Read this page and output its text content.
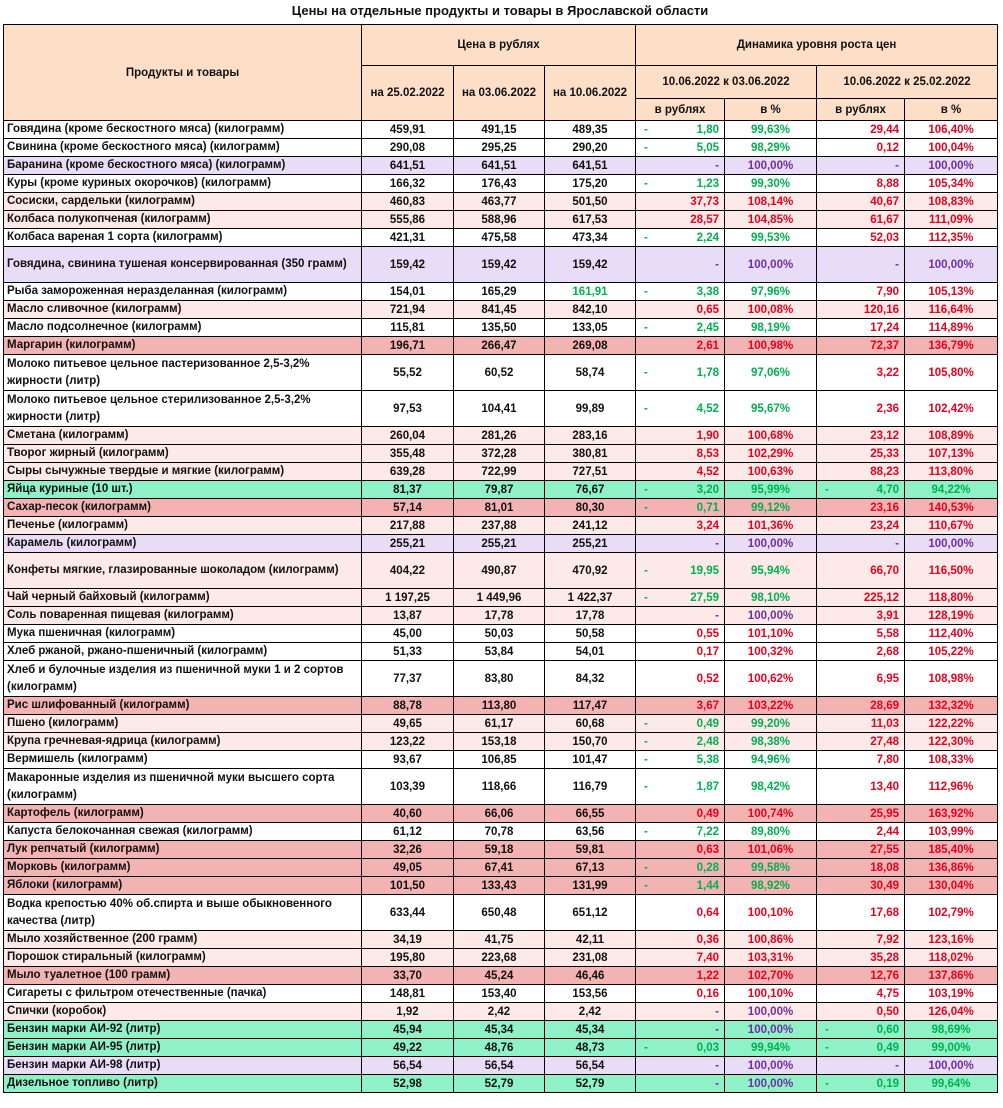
Цены на отдельные продукты и товары в Ярославской области
Продукты и товары	Цена в рублях			Динамика уровня роста цен			
	на 25.02.2022	на 03.06.2022	на 10.06.2022	10.06.2022 к 03.06.2022		10.06.2022 к 25.02.2022	
				в рублях	в %	в рублях	в %
Говядина (кроме бескостного мяса) (килограмм)	459,91	491,15	489,35	- 1,80	99,63%	29,44	106,40%
Свинина (кроме бескостного мяса) (килограмм)	290,08	295,25	290,20	- 5,05	98,29%	0,12	100,04%
Баранина (кроме бескостного мяса) (килограмм)	641,51	641,51	641,51	-	100,00%	-	100,00%
Куры (кроме куриных окорочков) (килограмм)	166,32	176,43	175,20	- 1,23	99,30%	8,88	105,34%
Сосиски, сардельки (килограмм)	460,83	463,77	501,50	37,73	108,14%	40,67	108,83%
Колбаса полукопченая (килограмм)	555,86	588,96	617,53	28,57	104,85%	61,67	111,09%
Колбаса вареная 1 сорта (килограмм)	421,31	475,58	473,34	- 2,24	99,53%	52,03	112,35%
Говядина, свинина тушеная консервированная (350 грамм)	159,42	159,42	159,42	-	100,00%	-	100,00%
Рыба замороженная неразделанная (килограмм)	154,01	165,29	161,91	- 3,38	97,96%	7,90	105,13%
Масло сливочное (килограмм)	721,94	841,45	842,10	0,65	100,08%	120,16	116,64%
Масло подсолнечное (килограмм)	115,81	135,50	133,05	- 2,45	98,19%	17,24	114,89%
Маргарин (килограмм)	196,71	266,47	269,08	2,61	100,98%	72,37	136,79%
Молоко питьевое цельное пастеризованное 2,5-3,2% жирности (литр)	55,52	60,52	58,74	- 1,78	97,06%	3,22	105,80%
Молоко питьевое цельное стерилизованное 2,5-3,2% жирности (литр)	97,53	104,41	99,89	- 4,52	95,67%	2,36	102,42%
Сметана (килограмм)	260,04	281,26	283,16	1,90	100,68%	23,12	108,89%
Творог жирный (килограмм)	355,48	372,28	380,81	8,53	102,29%	25,33	107,13%
Сыры сычужные твердые и мягкие (килограмм)	639,28	722,99	727,51	4,52	100,63%	88,23	113,80%
Яйца куриные (10 шт.)	81,37	79,87	76,67	- 3,20	95,99%	- 4,70	94,22%
Сахар-песок (килограмм)	57,14	81,01	80,30	- 0,71	99,12%	23,16	140,53%
Печенье (килограмм)	217,88	237,88	241,12	3,24	101,36%	23,24	110,67%
Карамель (килограмм)	255,21	255,21	255,21	-	100,00%	-	100,00%
Конфеты мягкие, глазированные шоколадом (килограмм)	404,22	490,87	470,92	- 19,95	95,94%	66,70	116,50%
Чай черный байховый (килограмм)	1 197,25	1 449,96	1 422,37	- 27,59	98,10%	225,12	118,80%
Соль поваренная пищевая (килограмм)	13,87	17,78	17,78	-	100,00%	3,91	128,19%
Мука пшеничная (килограмм)	45,00	50,03	50,58	0,55	101,10%	5,58	112,40%
Хлеб ржаной, ржано-пшеничный (килограмм)	51,33	53,84	54,01	0,17	100,32%	2,68	105,22%
Хлеб и булочные изделия из пшеничной муки 1 и 2 сортов (килограмм)	77,37	83,80	84,32	0,52	100,62%	6,95	108,98%
Рис шлифованный (килограмм)	88,78	113,80	117,47	3,67	103,22%	28,69	132,32%
Пшено (килограмм)	49,65	61,17	60,68	- 0,49	99,20%	11,03	122,22%
Крупа гречневая-ядрица (килограмм)	123,22	153,18	150,70	- 2,48	98,38%	27,48	122,30%
Вермишель (килограмм)	93,67	106,85	101,47	- 5,38	94,96%	7,80	108,33%
Макаронные изделия из пшеничной муки высшего сорта (килограмм)	103,39	118,66	116,79	- 1,87	98,42%	13,40	112,96%
Картофель (килограмм)	40,60	66,06	66,55	0,49	100,74%	25,95	163,92%
Капуста белокочанная свежая (килограмм)	61,12	70,78	63,56	- 7,22	89,80%	2,44	103,99%
Лук репчатый (килограмм)	32,26	59,18	59,81	0,63	101,06%	27,55	185,40%
Морковь (килограмм)	49,05	67,41	67,13	- 0,28	99,58%	18,08	136,86%
Яблоки (килограмм)	101,50	133,43	131,99	- 1,44	98,92%	30,49	130,04%
Водка крепостью 40% об.спирта и выше обыкновенного качества (литр)	633,44	650,48	651,12	0,64	100,10%	17,68	102,79%
Мыло хозяйственное (200 грамм)	34,19	41,75	42,11	0,36	100,86%	7,92	123,16%
Порошок стиральный (килограмм)	195,80	223,68	231,08	7,40	103,31%	35,28	118,02%
Мыло туалетное (100 грамм)	33,70	45,24	46,46	1,22	102,70%	12,76	137,86%
Сигареты с фильтром отечественные (пачка)	148,81	153,40	153,56	0,16	100,10%	4,75	103,19%
Спички (коробок)	1,92	2,42	2,42	-	100,00%	0,50	126,04%
Бензин марки АИ-92 (литр)	45,94	45,34	45,34	-	100,00%	- 0,60	98,69%
Бензин марки АИ-95 (литр)	49,22	48,76	48,73	- 0,03	99,94%	- 0,49	99,00%
Бензин марки АИ-98 (литр)	56,54	56,54	56,54	-	100,00%	-	100,00%
Дизельное топливо (литр)	52,98	52,79	52,79	-	100,00%	- 0,19	99,64%
